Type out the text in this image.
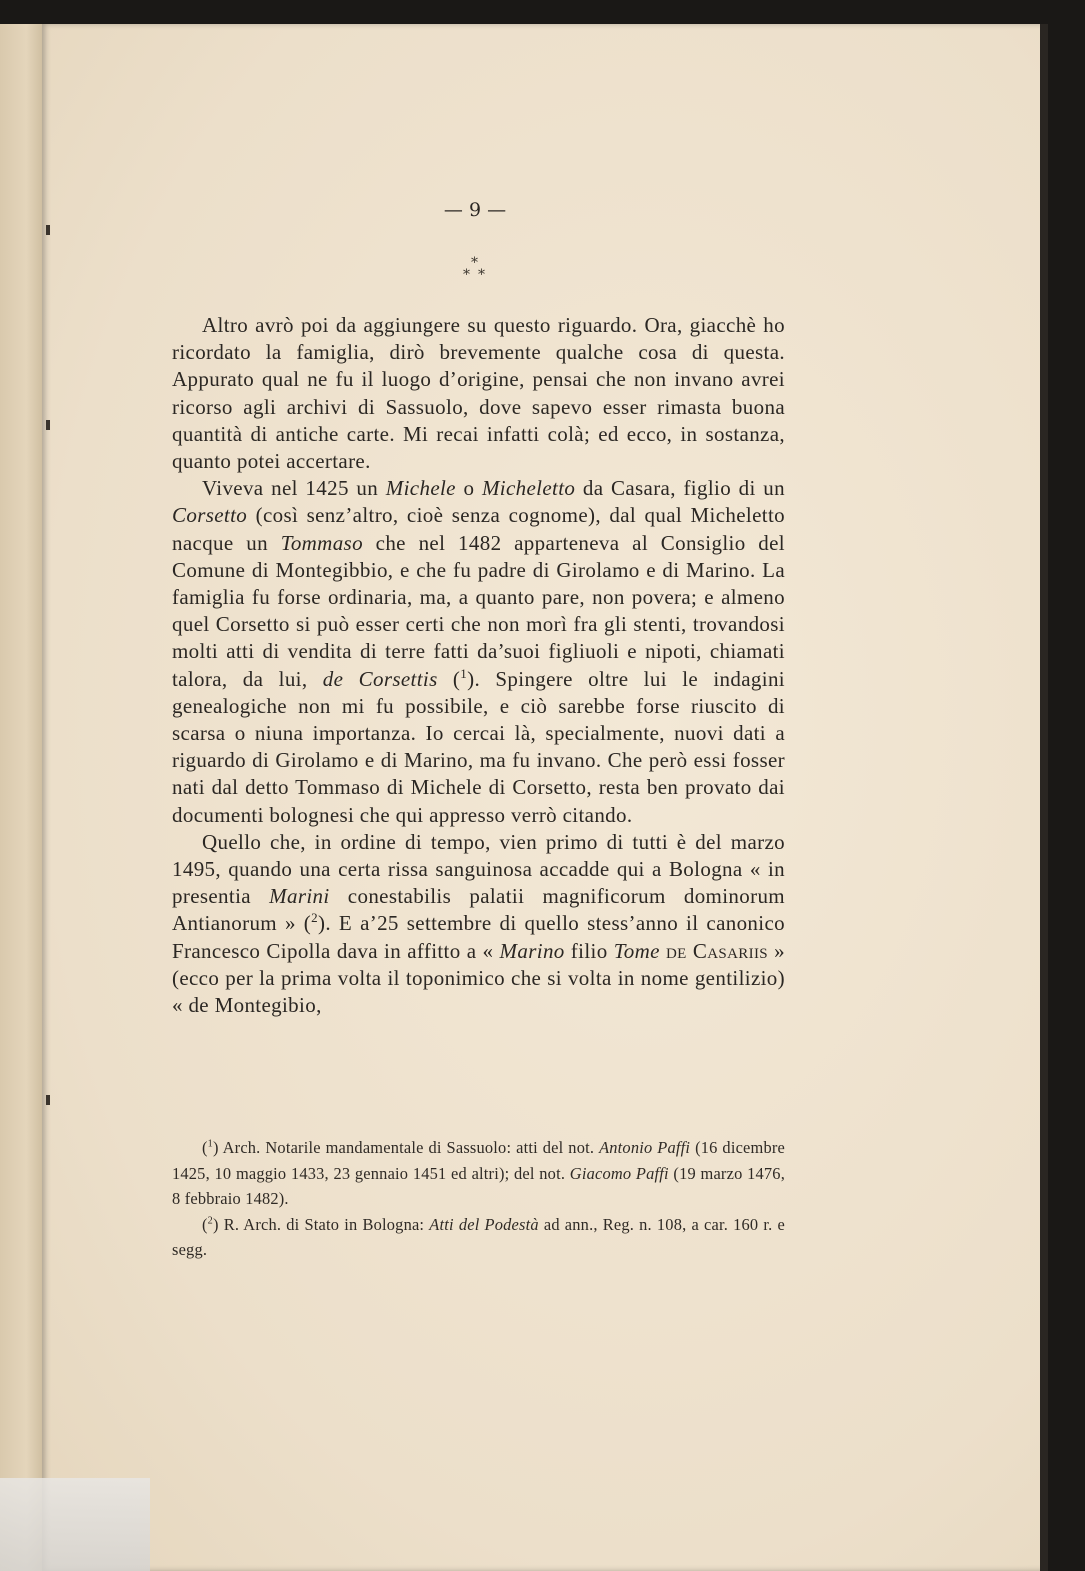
— 9 —
*
* *

Altro avrò poi da aggiungere su questo riguardo. Ora, giacchè ho ricordato la famiglia, dirò brevemente qualche cosa di questa. Appurato qual ne fu il luogo d’origine, pensai che non invano avrei ricorso agli archivi di Sassuolo, dove sapevo esser rimasta buona quantità di antiche carte. Mi recai infatti colà; ed ecco, in sostanza, quanto potei accertare.

Viveva nel 1425 un Michele o Micheletto da Casara, figlio di un Corsetto (così senz’altro, cioè senza cognome), dal qual Micheletto nacque un Tommaso che nel 1482 apparteneva al Consiglio del Comune di Montegibbio, e che fu padre di Girolamo e di Marino. La famiglia fu forse ordinaria, ma, a quanto pare, non povera; e almeno quel Corsetto si può esser certi che non morì fra gli stenti, trovandosi molti atti di vendita di terre fatti da’suoi figliuoli e nipoti, chiamati talora, da lui, de Corsettis ($^1$). Spingere oltre lui le indagini genealogiche non mi fu possibile, e ciò sarebbe forse riuscito di scarsa o niuna importanza. Io cercai là, specialmente, nuovi dati a riguardo di Girolamo e di Marino, ma fu invano. Che però essi fosser nati dal detto Tommaso di Michele di Corsetto, resta ben provato dai documenti bolognesi che qui appresso verrò citando.

Quello che, in ordine di tempo, vien primo di tutti è del marzo 1495, quando una certa rissa sanguinosa accadde qui a Bologna « in presentia Marini conestabilis palatii magnificorum dominorum Antianorum » ($^2$). E a’25 settembre di quello stess’anno il canonico Francesco Cipolla dava in affitto a « Marino filio Tome de Casariis » (ecco per la prima volta il toponimico che si volta in nome gentilizio) « de Montegibio,

($^1$) Arch. Notarile mandamentale di Sassuolo: atti del not. Antonio Paffi (16 dicembre 1425, 10 maggio 1433, 23 gennaio 1451 ed altri); del not. Giacomo Paffi (19 marzo 1476, 8 febbraio 1482).

($^2$) R. Arch. di Stato in Bologna: Atti del Podestà ad ann., Reg. n. 108, a car. 160 r. e segg.
